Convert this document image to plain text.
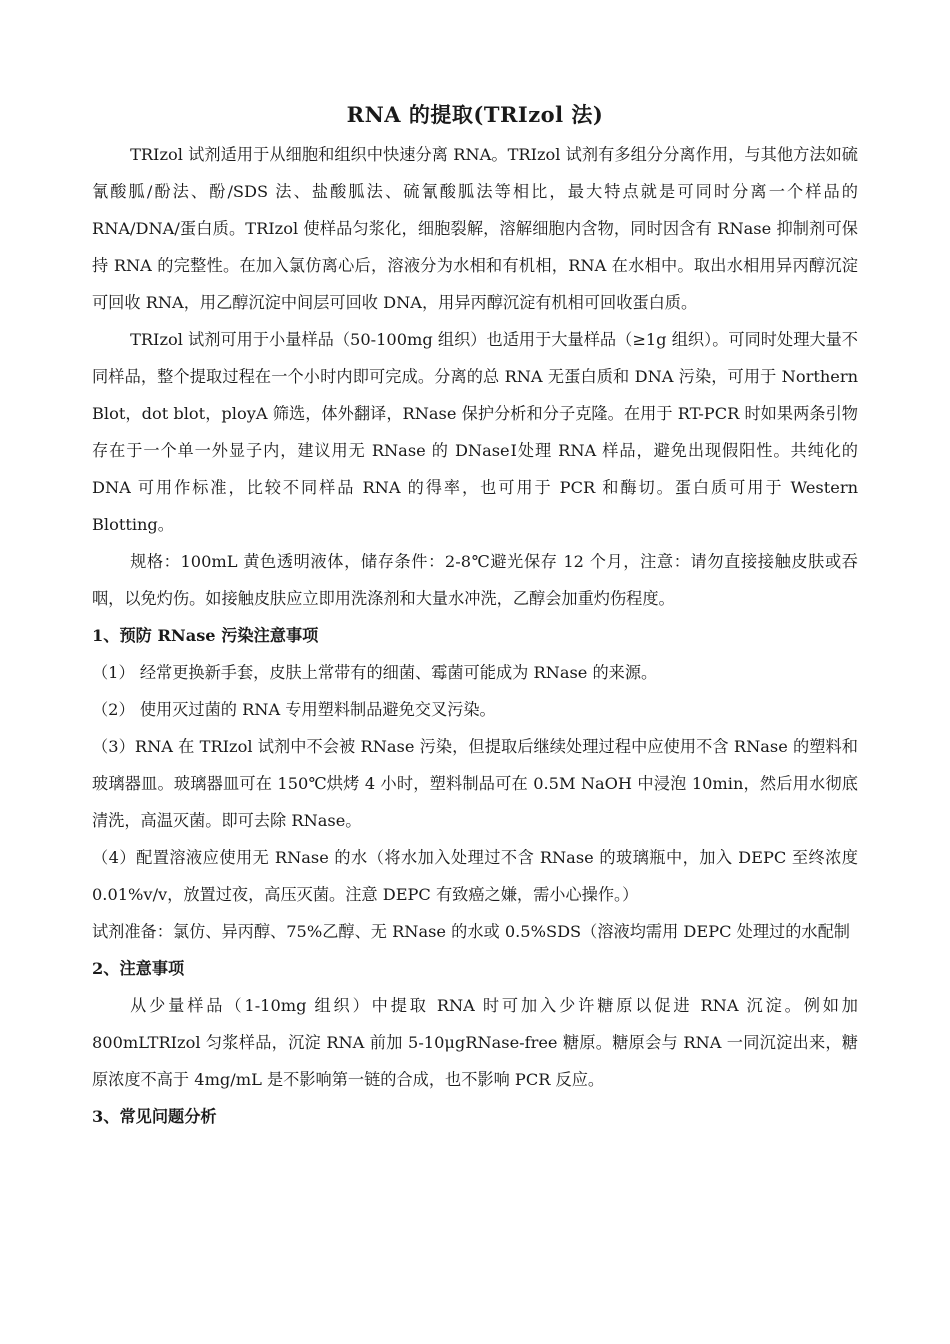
RNA 的提取(TRIzol 法)

TRIzol 试剂适用于从细胞和组织中快速分离 RNA。TRIzol 试剂有多组分分离作用，与其他方法如硫氰酸胍/酚法、酚/SDS 法、盐酸胍法、硫氰酸胍法等相比，最大特点就是可同时分离一个样品的 RNA/DNA/蛋白质。TRIzol 使样品匀浆化，细胞裂解，溶解细胞内含物，同时因含有 RNase 抑制剂可保持 RNA 的完整性。在加入氯仿离心后，溶液分为水相和有机相，RNA 在水相中。取出水相用异丙醇沉淀可回收 RNA，用乙醇沉淀中间层可回收 DNA，用异丙醇沉淀有机相可回收蛋白质。

TRIzol 试剂可用于小量样品（50-100mg 组织）也适用于大量样品（≥1g 组织）。可同时处理大量不同样品，整个提取过程在一个小时内即可完成。分离的总 RNA 无蛋白质和 DNA 污染，可用于 Northern Blot，dot blot，ployA 筛选，体外翻译，RNase 保护分析和分子克隆。在用于 RT-PCR 时如果两条引物存在于一个单一外显子内，建议用无 RNase 的 DNaseⅠ处理 RNA 样品，避免出现假阳性。共纯化的 DNA 可用作标准，比较不同样品 RNA 的得率，也可用于 PCR 和酶切。蛋白质可用于 Western Blotting。

规格：100mL 黄色透明液体，储存条件：2-8℃避光保存 12 个月，注意：请勿直接接触皮肤或吞咽，以免灼伤。如接触皮肤应立即用洗涤剂和大量水冲洗，乙醇会加重灼伤程度。

1、预防 RNase 污染注意事项

（1） 经常更换新手套，皮肤上常带有的细菌、霉菌可能成为 RNase 的来源。

（2） 使用灭过菌的 RNA 专用塑料制品避免交叉污染。

（3）RNA 在 TRIzol 试剂中不会被 RNase 污染，但提取后继续处理过程中应使用不含 RNase 的塑料和玻璃器皿。玻璃器皿可在 150℃烘烤 4 小时，塑料制品可在 0.5M NaOH 中浸泡 10min，然后用水彻底清洗，高温灭菌。即可去除 RNase。

（4）配置溶液应使用无 RNase 的水（将水加入处理过不含 RNase 的玻璃瓶中，加入 DEPC 至终浓度 0.01%v/v，放置过夜，高压灭菌。注意 DEPC 有致癌之嫌，需小心操作。）

试剂准备：氯仿、异丙醇、75%乙醇、无 RNase 的水或 0.5%SDS（溶液均需用 DEPC 处理过的水配制

2、注意事项

从少量样品（1-10mg 组织）中提取 RNA 时可加入少许糖原以促进 RNA 沉淀。例如加 800mLTRIzol 匀浆样品，沉淀 RNA 前加 5-10μgRNase-free 糖原。糖原会与 RNA 一同沉淀出来，糖原浓度不高于 4mg/mL 是不影响第一链的合成，也不影响 PCR 反应。

3、常见问题分析
